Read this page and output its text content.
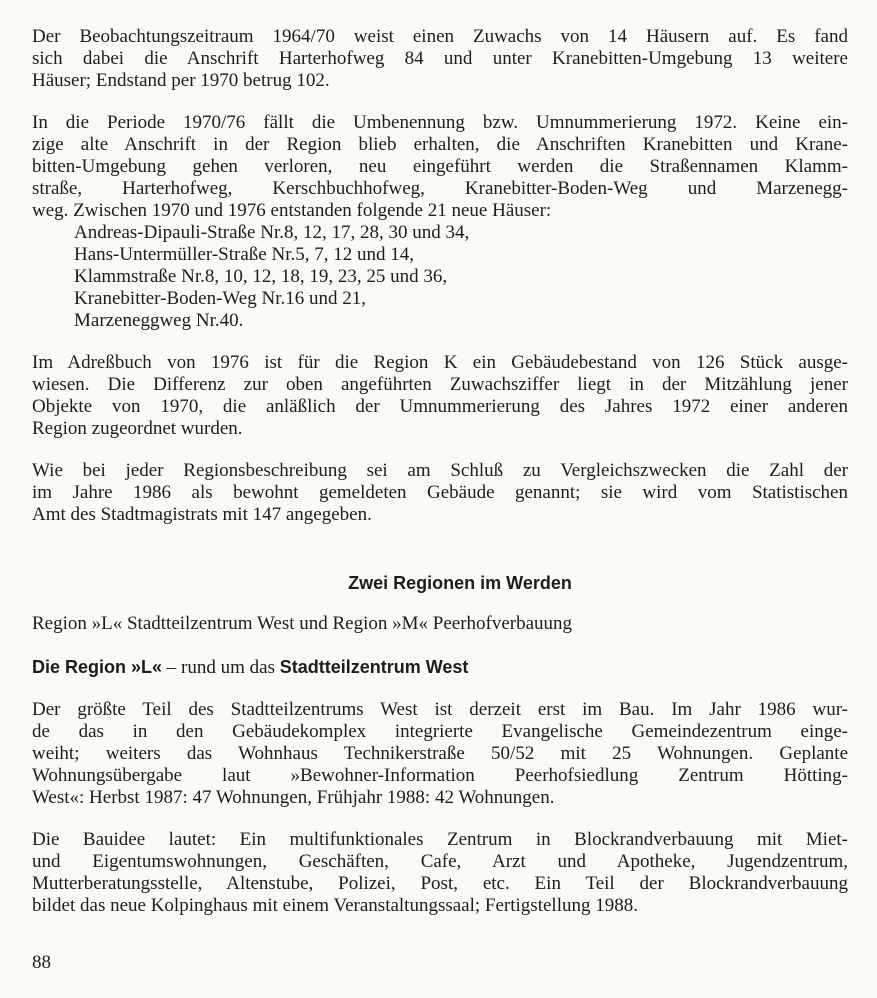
Der Beobachtungszeitraum 1964/70 weist einen Zuwachs von 14 Häusern auf. Es fand
sich dabei die Anschrift Harterhofweg 84 und unter Kranebitten-Umgebung 13 weitere
Häuser; Endstand per 1970 betrug 102.
In die Periode 1970/76 fällt die Umbenennung bzw. Umnummerierung 1972. Keine ein-
zige alte Anschrift in der Region blieb erhalten, die Anschriften Kranebitten und Krane-
bitten-Umgebung gehen verloren, neu eingeführt werden die Straßennamen Klamm-
straße, Harterhofweg, Kerschbuchhofweg, Kranebitter-Boden-Weg und Marzenegg-
weg. Zwischen 1970 und 1976 entstanden folgende 21 neue Häuser:
Andreas-Dipauli-Straße Nr.8, 12, 17, 28, 30 und 34,
Hans-Untermüller-Straße Nr.5, 7, 12 und 14,
Klammstraße Nr.8, 10, 12, 18, 19, 23, 25 und 36,
Kranebitter-Boden-Weg Nr.16 und 21,
Marzeneggweg Nr.40.
Im Adreßbuch von 1976 ist für die Region K ein Gebäudebestand von 126 Stück ausge-
wiesen. Die Differenz zur oben angeführten Zuwachsziffer liegt in der Mitzählung jener
Objekte von 1970, die anläßlich der Umnummerierung des Jahres 1972 einer anderen
Region zugeordnet wurden.
Wie bei jeder Regionsbeschreibung sei am Schluß zu Vergleichszwecken die Zahl der
im Jahre 1986 als bewohnt gemeldeten Gebäude genannt; sie wird vom Statistischen
Amt des Stadtmagistrats mit 147 angegeben.
Zwei Regionen im Werden
Region »L« Stadtteilzentrum West und Region »M« Peerhofverbauung
Die Region »L« – rund um das Stadtteilzentrum West
Der größte Teil des Stadtteilzentrums West ist derzeit erst im Bau. Im Jahr 1986 wur-
de das in den Gebäudekomplex integrierte Evangelische Gemeindezentrum einge-
weiht; weiters das Wohnhaus Technikerstraße 50/52 mit 25 Wohnungen. Geplante
Wohnungsübergabe laut »Bewohner-Information Peerhofsiedlung Zentrum Hötting-
West«: Herbst 1987: 47 Wohnungen, Frühjahr 1988: 42 Wohnungen.
Die Bauidee lautet: Ein multifunktionales Zentrum in Blockrandverbauung mit Miet-
und Eigentumswohnungen, Geschäften, Cafe, Arzt und Apotheke, Jugendzentrum,
Mutterberatungsstelle, Altenstube, Polizei, Post, etc. Ein Teil der Blockrandverbauung
bildet das neue Kolpinghaus mit einem Veranstaltungssaal; Fertigstellung 1988.
88
